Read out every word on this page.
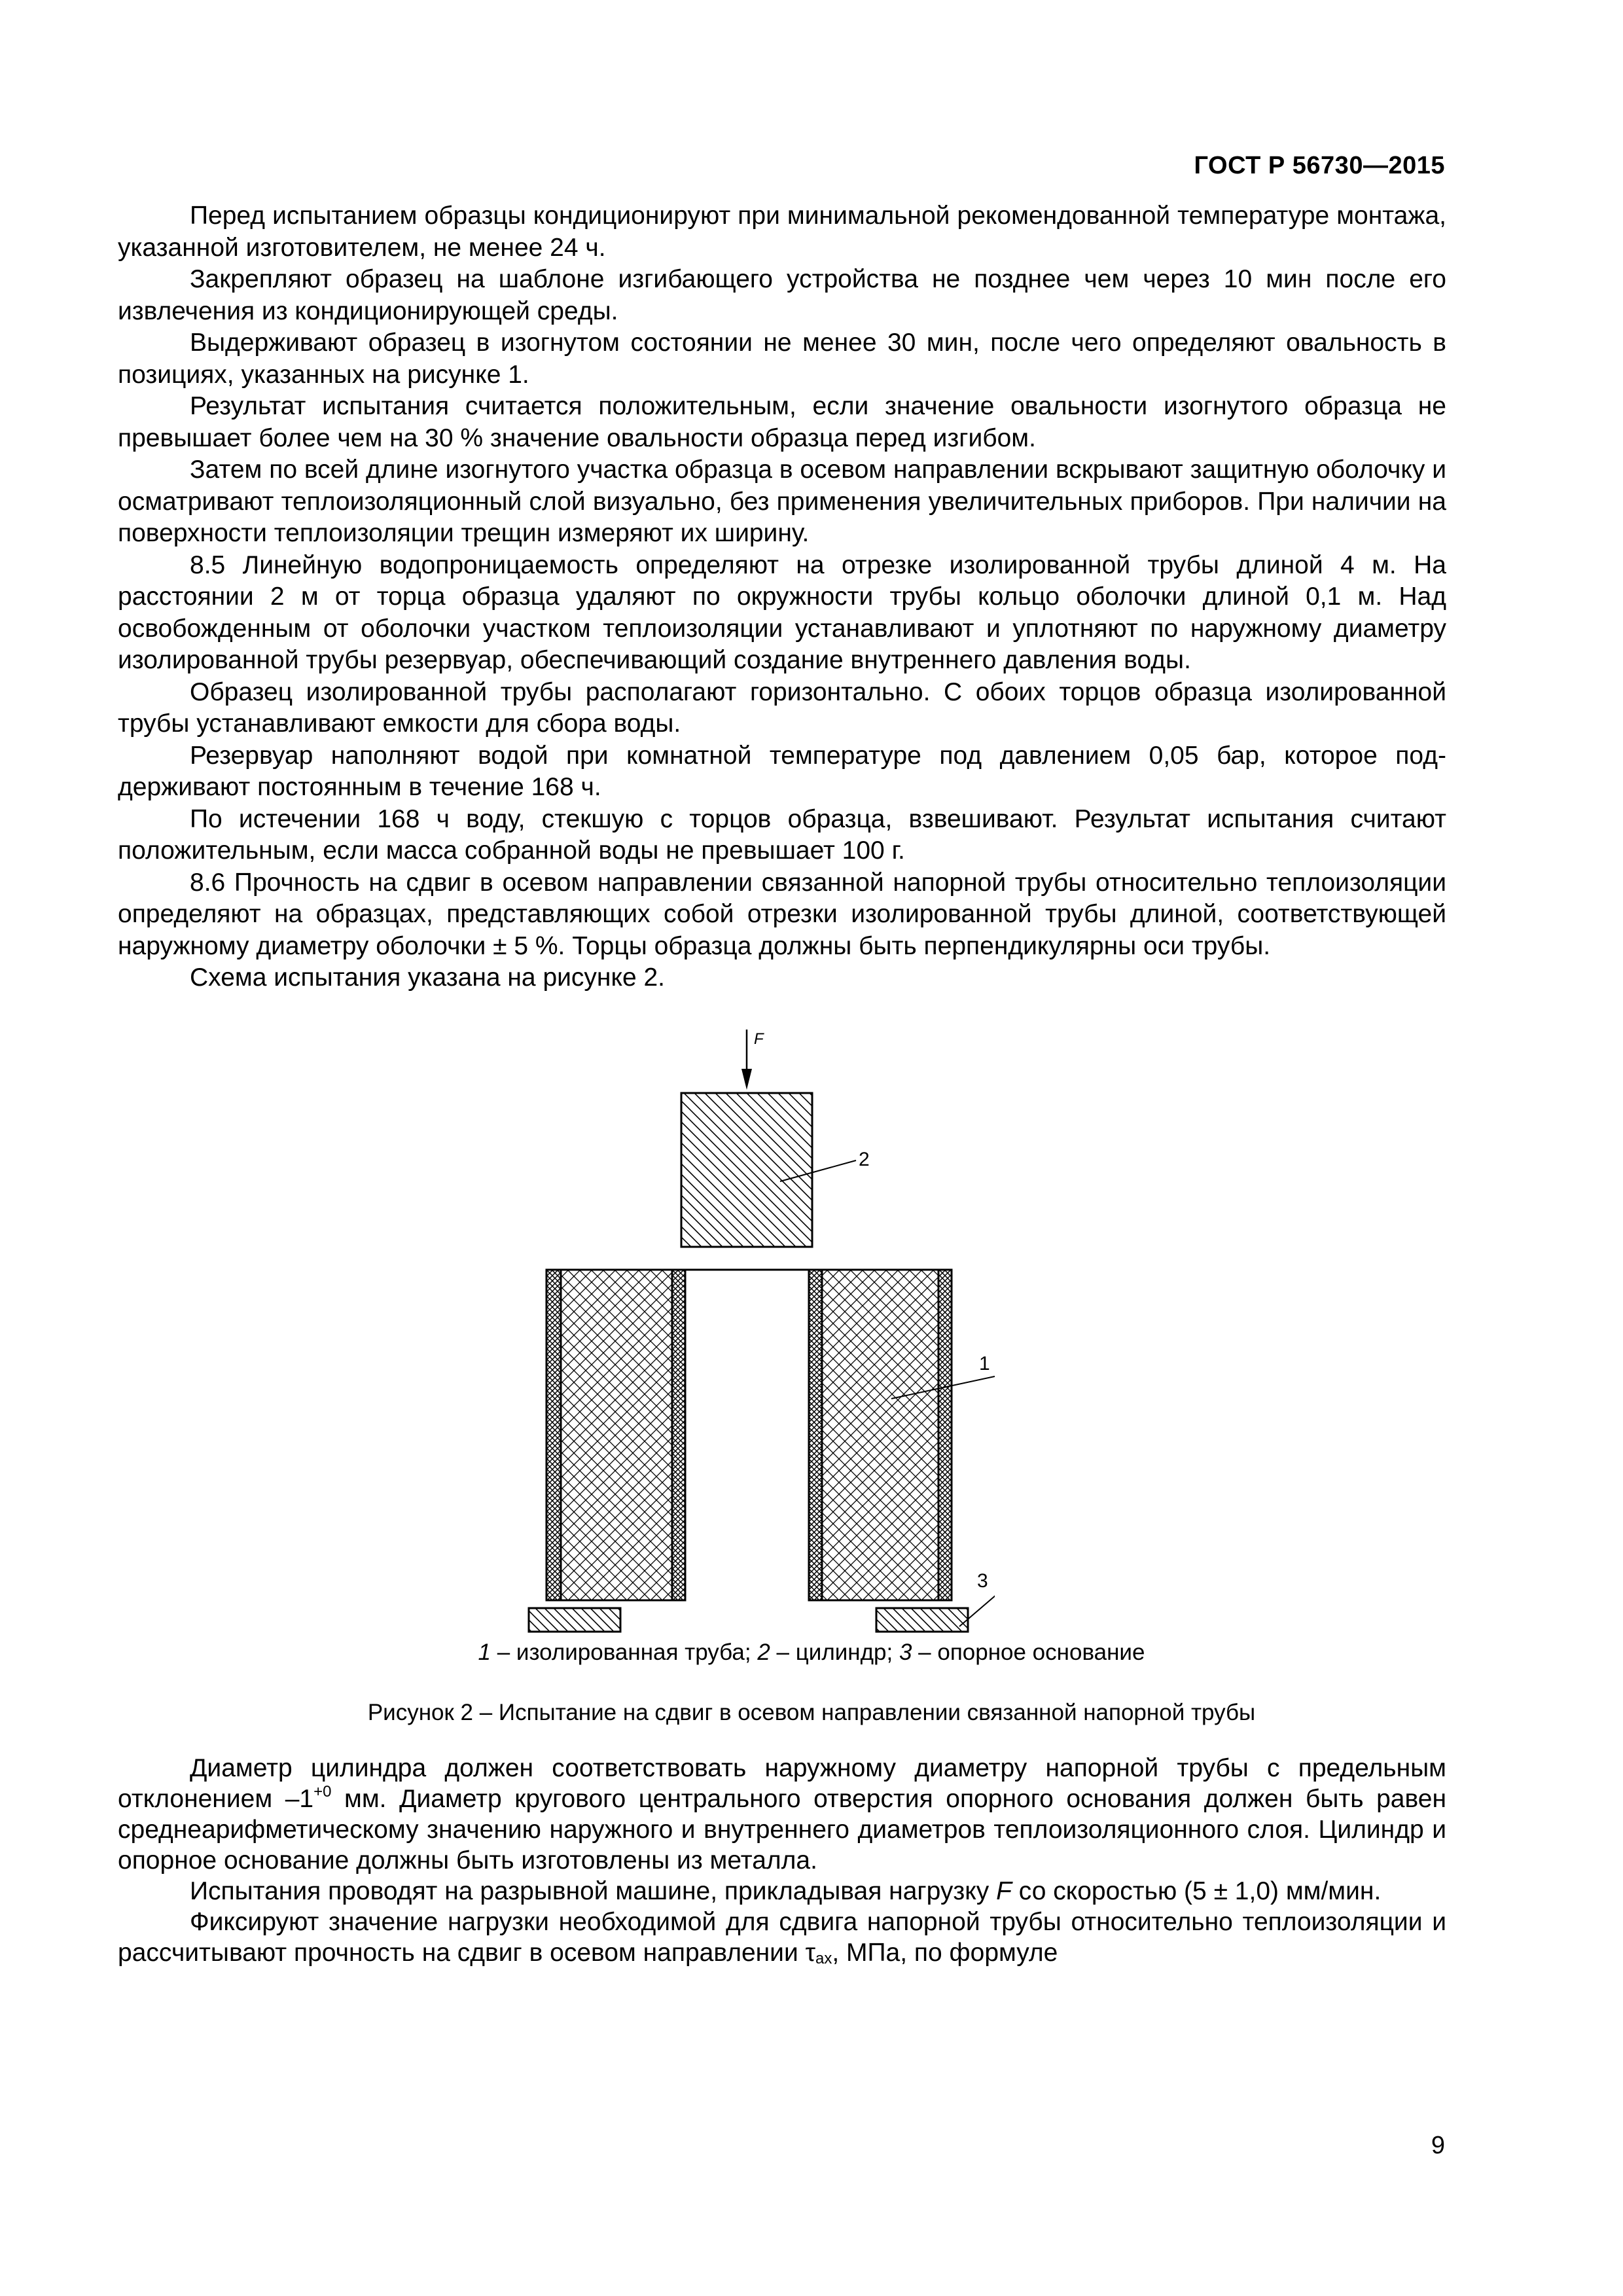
ГОСТ Р 56730—2015

Перед испытанием образцы кондиционируют при минимальной рекомендованной температуре монтажа, указанной изготовителем, не менее 24 ч.

Закрепляют образец на шаблоне изгибающего устройства не позднее чем через 10 мин после его извлечения из кондиционирующей среды.

Выдерживают образец в изогнутом состоянии не менее 30 мин, после чего определяют овальность в позициях, указанных на рисунке 1.

Результат испытания считается положительным, если значение овальности изогнутого образца не превышает более чем на 30 % значение овальности образца перед изгибом.

Затем по всей длине изогнутого участка образца в осевом направлении вскрывают защитную оболочку и осматривают теплоизоляционный слой визуально, без применения увеличительных приборов. При наличии на поверхности теплоизоляции трещин измеряют их ширину.

8.5 Линейную водопроницаемость определяют на отрезке изолированной трубы длиной 4 м. На расстоянии 2 м от торца образца удаляют по окружности трубы кольцо оболочки длиной 0,1 м. Над освобожденным от оболочки участком теплоизоляции устанавливают и уплотняют по наружному диаметру изолированной трубы резервуар, обеспечивающий создание внутреннего давления воды.

Образец изолированной трубы располагают горизонтально. С обоих торцов образца изолированной трубы устанавливают емкости для сбора воды.

Резервуар наполняют водой при комнатной температуре под давлением 0,05 бар, которое поддерживают постоянным в течение 168 ч.

По истечении 168 ч воду, стекшую с торцов образца, взвешивают. Результат испытания считают положительным, если масса собранной воды не превышает 100 г.

8.6 Прочность на сдвиг в осевом направлении связанной напорной трубы относительно теплоизоляции определяют на образцах, представляющих собой отрезки изолированной трубы длиной, соответствующей наружному диаметру оболочки ± 5 %. Торцы образца должны быть перпендикулярны оси трубы.

Схема испытания указана на рисунке 2.

F
2
1
3
1 – изолированная труба; 2 – цилиндр; 3 – опорное основание
Рисунок 2 – Испытание на сдвиг в осевом направлении связанной напорной трубы

Диаметр цилиндра должен соответствовать наружному диаметру напорной трубы с предельным отклонением $-1^{+0}$ мм. Диаметр кругового центрального отверстия опорного основания должен быть равен среднеарифметическому значению наружного и внутреннего диаметров теплоизоляционного слоя. Цилиндр и опорное основание должны быть изготовлены из металла.

Испытания проводят на разрывной машине, прикладывая нагрузку F со скоростью (5 ± 1,0) мм/мин.

Фиксируют значение нагрузки необходимой для сдвига напорной трубы относительно теплоизоляции и рассчитывают прочность на сдвиг в осевом направлении $\tau_{ax}$, МПа, по формуле

9
